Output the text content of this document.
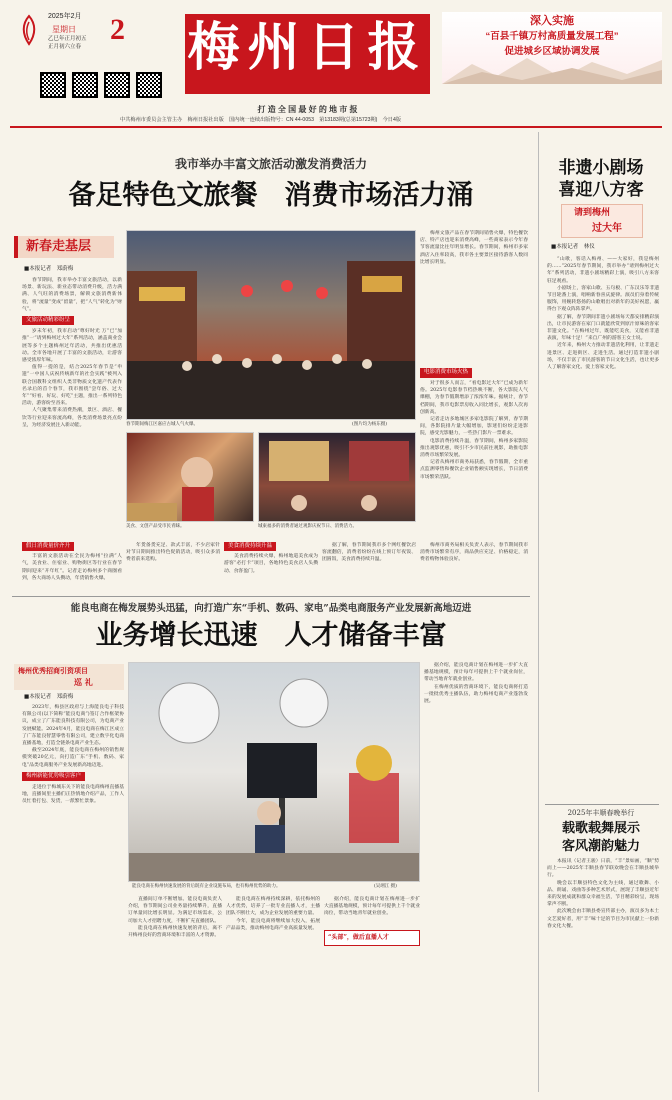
2025年2月
星期日
乙巳年正月初五
正月初六立春
2 梅州日报
打 造 全 国 最 好 的 地 市 报
深入实施
“百县千镇万村高质量发展工程”
促进城乡区域协调发展
中共梅州市委员会主管主办　梅州日报社出版　国内统一连续出版物号：CN 44-0053　第13183期(总第15723期)　今日4版
我市举办丰富文旅活动激发消费活力
备足特色文旅餐　消费市场活力涌
新春走基层
■本报记者　郑蔚梅

春节期间，我市举办丰富文旅活动，以新场景、新玩法、新业态带动消费升级，活力满满、人气旺的消费场景，解锁文旅消费新体验，将“流量”变成“留量”，把“人气”转化为“财气”。

文旅活动精彩纷呈

岁末年初，我市启动“尊好时光 万”已“加推”一“请到梅州过大年”系列活动，涵盖商业会展等多个主题梅州过年活动，共推出优惠活动。全市各地开展了丰富的文旅活动，让游客感受浓厚年味。

值得一提的是，结合2025年春节是“申遗”一中国人庆祝传统新年的社会实践“被列入联合国教科文组织人类非物质文化遗产代表作名录后的首个春节，我市围绕“尝年俗、过大年”“好看、好玩、好吃”主题，推出一系列特色活动，游客纷至沓来。

人气聚集带来消费热潮，景区、酒店、餐饮等行业迎来客流高峰，各类消费场景亮点纷呈，为经济发展注入新动能。	春节期间梅江区嘉应古城人气火爆。	(图片均为杨东摄)
美食、文创产品受市民青睐。	城東福多的消费者通过观影庆祝节日、消费活力。

梅州文旅产品在春节期间销售火爆，特色餐饮店、特产店也迎来消费高峰，一些商家表示今年春节客流量比往年明显增长。春节期间，梅州市多家酒店入住率较高，我市各主要景区接待游客人数同比增长明显。

电影消费市场火热

对于很多人而言，“看电影过大年”已成为新年俗。2025年电影春节档热映不断，各大影院人气爆棚，为春节假期增添了浓浓年味。据统计，春节档期间，我市电影票房收入同比增长，观影人次再创新高。

记者走访多地城区多家电影院了解到，春节期间，各影院排片量大幅增加，影迷们纷纷走进影院，感受光影魅力，一些热门影片一票难求。

电影消费持续升温，春节期间，梅州多家影院推出观影优惠，吸引不少市民前往观影，助推电影消费市场繁荣发展。

记者从梅州市商务局获悉，春节假期，全市重点监测零售和餐饮企业销售额实现增长，节日消费市场繁荣活跃。

假日消费量价齐升

丰富的文旅活动在全民为梅州“拉满”人气，美食业、住宿业、购物街区等行业在春节期间迎来“开年红”。记者走访梅州多个商圈看到，各大商场人头攒动，年货销售火爆。

年货备货充足、款式丰富，不少店家针对节日期间推出特色促销活动，吸引众多消费者前来选购。

美食消费持续升温

美食消费持续火爆，梅州地道美食成为游客“必打卡”项目，各地特色美食店人头攒动、食客盈门。

据了解，春节期间我市多个网红餐饮店客流翻倍，消费者纷纷在线上预订年夜饭、团圆饭，美食消费持续升温。

梅州市商务局相关负责人表示，春节期间我市消费市场繁荣有序，商品供应充足、价格稳定，消费者购物体验良好。

能良电商在梅发展势头迅猛，向打造广东“手机、数码、家电”品类电商服务产业发展新高地迈进
业务增长迅速　人才储备丰富
梅州优秀招商引资项目
巡 礼
■本报记者　郑蔚梅

2023年，梅县区政府与上海能良电子科技有限公司(以下简称“能良电商”)签订合作框架协议，成立了广东能良科技有限公司，为电商产业发展赋能。2024年4月，能良电商在梅江区成立了广东能良智慧零售有限公司，建立数字化电商直播基地，打造全链条电商产业生态。

截至2024年底，能良电商在梅州的销售规模突破20亿元，向打造广东“手机、数码、家电”品类电商服务产业发展新高地迈进。

梅州新能优势吸引客户

走进位于梅城东关下的能良电商梅州直播基地，直播间里主播们正热情地介绍产品，工作人员忙着打包、发货，一派繁忙景象。

能良电商在梅州快速发展的背后既有企业设施布局，也有梅州优势的助力。	(吴翊江 摄)

直播间订单不断增加。能良电商负责人介绍，春节期间公司业务量持续攀升，直播订单量同比增长明显。为满足市场需求，公司加大人才招聘力度，不断扩充直播团队。

能良电商在梅州快速发展的背后，离不开梅州良好的营商环境和丰富的人才资源。

能良电商在梅州持续深耕，依托梅州的人才优势，培养了一批专业直播人才，主播团队不断壮大，成为企业发展的重要力量。

今年，能良电商将继续加大投入，拓展产品品类，推动梅州电商产业高质量发展。

“头部”，做后直播人才

据介绍，能良电商计划在梅州进一步扩大直播基地规模，预计每年可提供上千个就业岗位，带动当地青年就业创业。

据介绍，能良电商计划在梅州进一步扩大直播基地规模，预计每年可提供上千个就业岗位，带动当地青年就业创业。

在梅州优质的营商环境下，能良电商将打造一批批优秀主播队伍，助力梅州电商产业蓬勃发展。

非遗小剧场
喜迎八方客
请到梅州
过大年
■本报记者　林仪

“山歌，客话入梅州、——大家好，我是梅州的……”2025年春节期间，我市举办“请到梅州过大年”系列活动，非遗小剧场精彩上演，吸引八方来客驻足观看。

小剧场上，客家山歌、五句板、广东汉乐等非遗节目轮番上演，唱响新春喜庆旋律。演员们身着传统服饰，用婉转悠扬的山歌唱出对新年的美好祝愿，赢得台下观众阵阵掌声。

据了解，春节期间非遗小剧场每天都安排精彩演出，让市民游客在家门口就能欣赏到原汁原味的客家非遗文化。“在梅州过年，既能吃美食，又能看非遗表演，年味十足！”来自广州的游客王女士说。

近年来，梅州大力推动非遗活化利用，让非遗走进景区、走进街区、走进生活。通过打造非遗小剧场，不仅丰富了市民游客的节日文化生活，也让更多人了解客家文化、爱上客家文化。

2025年丰顺春晚举行
载歌载舞展示
客风潮韵魅力

本报讯（记者王骏）日前，“丰”景如画，“顺”势而上——2025年丰顺县春节联欢晚会在丰顺县城举行。

晚会以丰顺县特色文化为主线，通过歌舞、小品、朗诵、戏曲等多种艺术形式，展现了丰顺县近年来的发展成就和群众幸福生活，节目精彩纷呈，现场掌声不断。

此次晚会由丰顺县委宣传部主办，演员多为本土文艺爱好者，用“丰”味十足的节目为市民献上一份新春文化大餐。
